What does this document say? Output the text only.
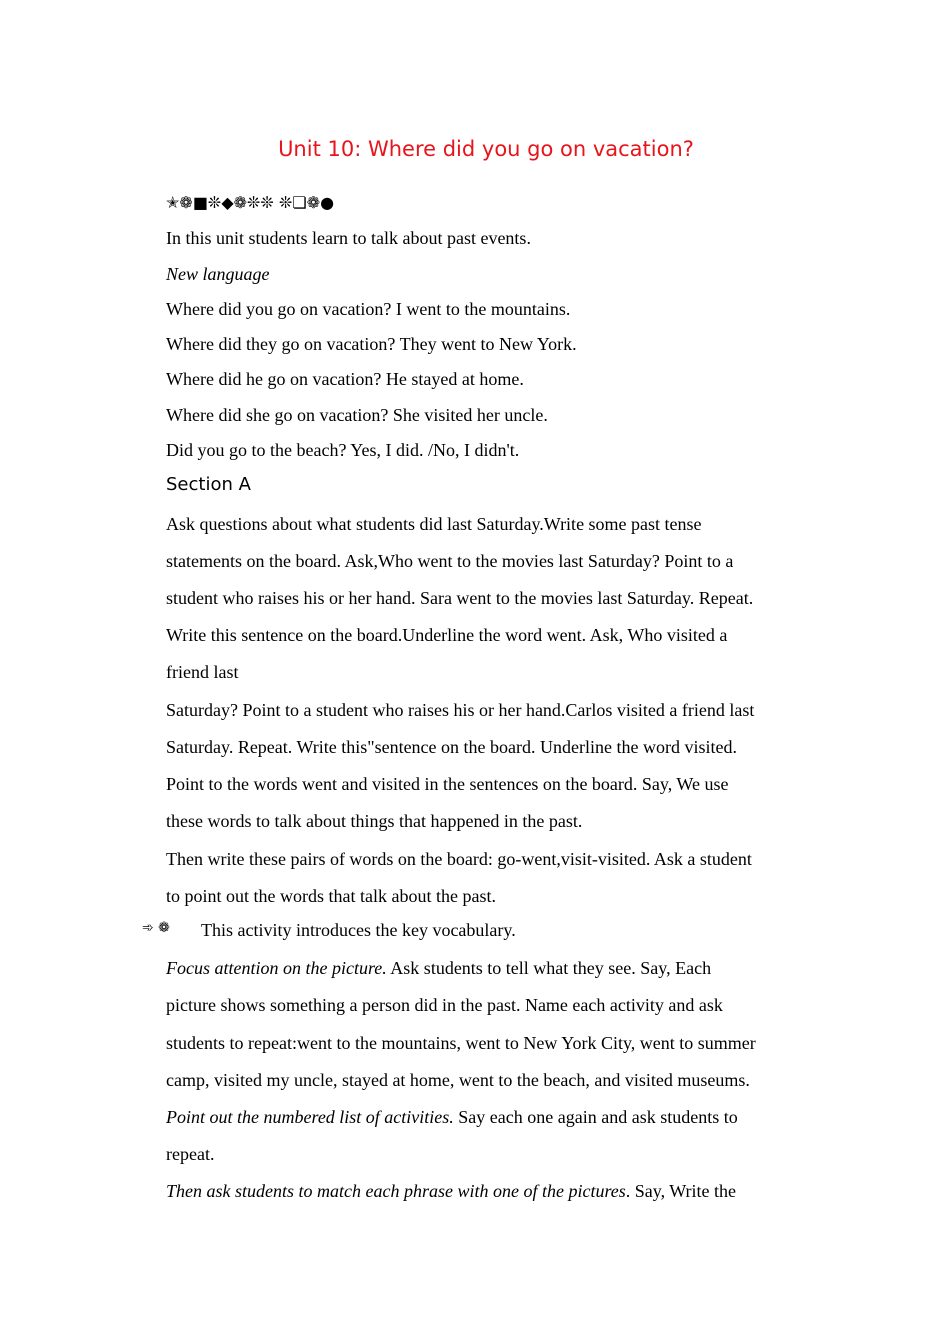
Unit 10: Where did you go on vacation?
✭❁■❊◆❁❊❊ ❊❏❁●
In this unit students learn to talk about past events.
New language
Where did you go on vacation? I went to the mountains.
Where did they go on vacation? They went to New York.
Where did he go on vacation? He stayed at home.
Where did she go on vacation? She visited her uncle.
Did you go to the beach? Yes, I did. /No, I didn't.
Section A
Ask questions about what students did last Saturday.Write some past tense
statements on the board. Ask,Who went to the movies last Saturday? Point to a
student who raises his or her hand. Sara went to the movies last Saturday. Repeat.
Write this sentence on the board.Underline the word went. Ask, Who visited a
friend last
Saturday? Point to a student who raises his or her hand.Carlos visited a friend last
Saturday. Repeat. Write this"sentence on the board. Underline the word visited.
Point to the words went and visited in the sentences on the board. Say, We use
these words to talk about things that happened in the past.
Then write these pairs of words on the board: go-went,visit-visited. Ask a student
to point out the words that talk about the past.
➾ ❁ This activity introduces the key vocabulary.
Focus attention on the picture. Ask students to tell what they see. Say, Each
picture shows something a person did in the past. Name each activity and ask
students to repeat:went to the mountains, went to New York City, went to summer
camp, visited my uncle, stayed at home, went to the beach, and visited museums.
Point out the numbered list of activities. Say each one again and ask students to
repeat.
Then ask students to match each phrase with one of the pictures. Say, Write the
